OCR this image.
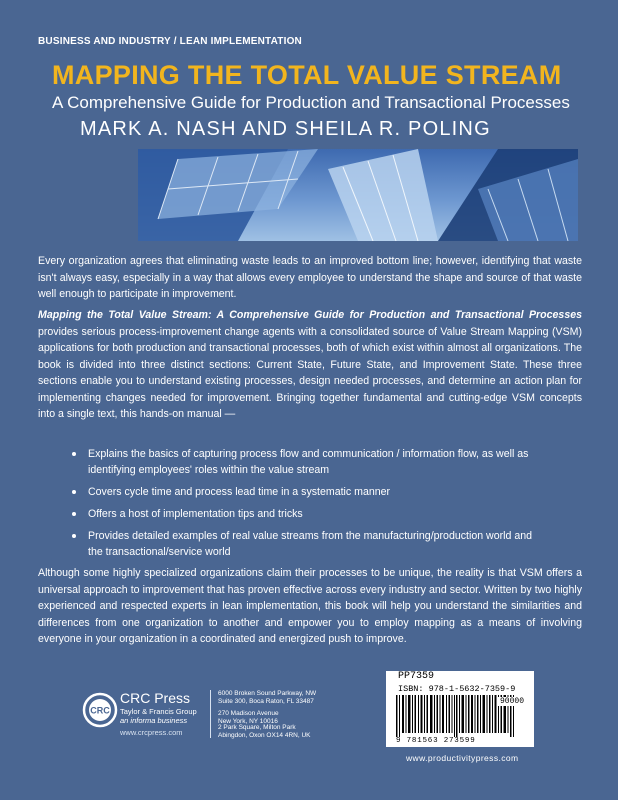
BUSINESS AND INDUSTRY / LEAN IMPLEMENTATION
MAPPING THE TOTAL VALUE STREAM
A Comprehensive Guide for Production and Transactional Processes
MARK A. NASH AND SHEILA R. POLING
Every organization agrees that eliminating waste leads to an improved bottom line; however, identifying that waste isn't always easy, especially in a way that allows every employee to understand the shape and source of that waste well enough to participate in improvement.
Mapping the Total Value Stream: A Comprehensive Guide for Production and Transactional Processes provides serious process-improvement change agents with a consolidated source of Value Stream Mapping (VSM) applications for both production and transactional processes, both of which exist within almost all organizations. The book is divided into three distinct sections: Current State, Future State, and Improvement State. These three sections enable you to understand existing processes, design needed processes, and determine an action plan for implementing changes needed for improvement. Bringing together fundamental and cutting-edge VSM concepts into a single text, this hands-on manual —
Explains the basics of capturing process flow and communication / information flow, as well as identifying employees' roles within the value stream
Covers cycle time and process lead time in a systematic manner
Offers a host of implementation tips and tricks
Provides detailed examples of real value streams from the manufacturing/production world and the transactional/service world
Although some highly specialized organizations claim their processes to be unique, the reality is that VSM offers a universal approach to improvement that has proven effective across every industry and sector. Written by two highly experienced and respected experts in lean implementation, this book will help you understand the similarities and differences from one organization to another and empower you to employ mapping as a means of involving everyone in your organization in a coordinated and energized push to improve.
CRC
CRC Press
Taylor & Francis Group
an informa business
www.crcpress.com
6000 Broken Sound Parkway, NW
Suite 300, Boca Raton, FL 33487
270 Madison Avenue
New York, NY 10016
2 Park Square, Milton Park
Abingdon, Oxon OX14 4RN, UK
PP7359
ISBN: 978-1-5632-7359-9
90000
9 781563 273599
www.productivitypress.com
